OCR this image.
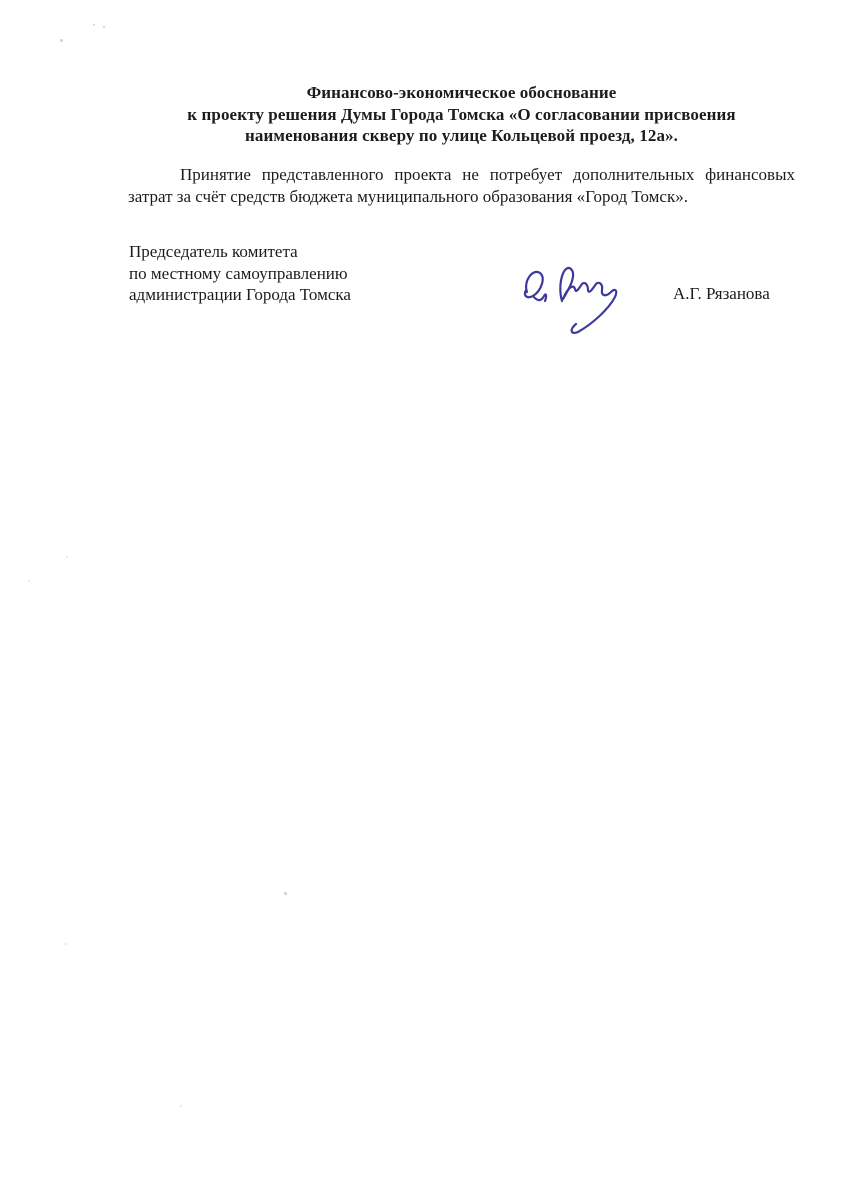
Финансово-экономическое обоснование
к проекту решения Думы Города Томска «О согласовании присвоения
наименования скверу по улице Кольцевой проезд, 12а».
Принятие представленного проекта не потребует дополнительных финансовых
затрат за счёт средств бюджета муниципального образования «Город Томск».
Председатель комитета
по местному самоуправлению
администрации Города Томска	А.Г. Рязанова
